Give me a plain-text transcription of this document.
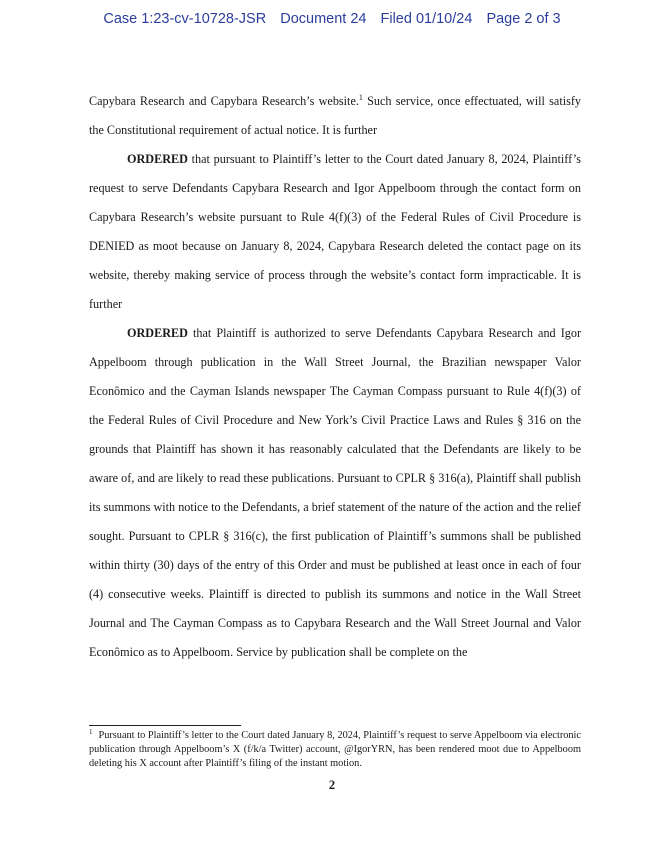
Case 1:23-cv-10728-JSR Document 24 Filed 01/10/24 Page 2 of 3

Capybara Research and Capybara Research’s website.$^1$ Such service, once effectuated, will satisfy the Constitutional requirement of actual notice. It is further

ORDERED that pursuant to Plaintiff’s letter to the Court dated January 8, 2024, Plaintiff’s request to serve Defendants Capybara Research and Igor Appelboom through the contact form on Capybara Research’s website pursuant to Rule 4(f)(3) of the Federal Rules of Civil Procedure is DENIED as moot because on January 8, 2024, Capybara Research deleted the contact page on its website, thereby making service of process through the website’s contact form impracticable. It is further

ORDERED that Plaintiff is authorized to serve Defendants Capybara Research and Igor Appelboom through publication in the Wall Street Journal, the Brazilian newspaper Valor Econômico and the Cayman Islands newspaper The Cayman Compass pursuant to Rule 4(f)(3) of the Federal Rules of Civil Procedure and New York’s Civil Practice Laws and Rules § 316 on the grounds that Plaintiff has shown it has reasonably calculated that the Defendants are likely to be aware of, and are likely to read these publications. Pursuant to CPLR § 316(a), Plaintiff shall publish its summons with notice to the Defendants, a brief statement of the nature of the action and the relief sought. Pursuant to CPLR § 316(c), the first publication of Plaintiff’s summons shall be published within thirty (30) days of the entry of this Order and must be published at least once in each of four (4) consecutive weeks. Plaintiff is directed to publish its summons and notice in the Wall Street Journal and The Cayman Compass as to Capybara Research and the Wall Street Journal and Valor Econômico as to Appelboom. Service by publication shall be complete on the

$^1$ Pursuant to Plaintiff’s letter to the Court dated January 8, 2024, Plaintiff’s request to serve Appelboom via electronic publication through Appelboom’s X (f/k/a Twitter) account, @IgorYRN, has been rendered moot due to Appelboom deleting his X account after Plaintiff’s filing of the instant motion.

2
